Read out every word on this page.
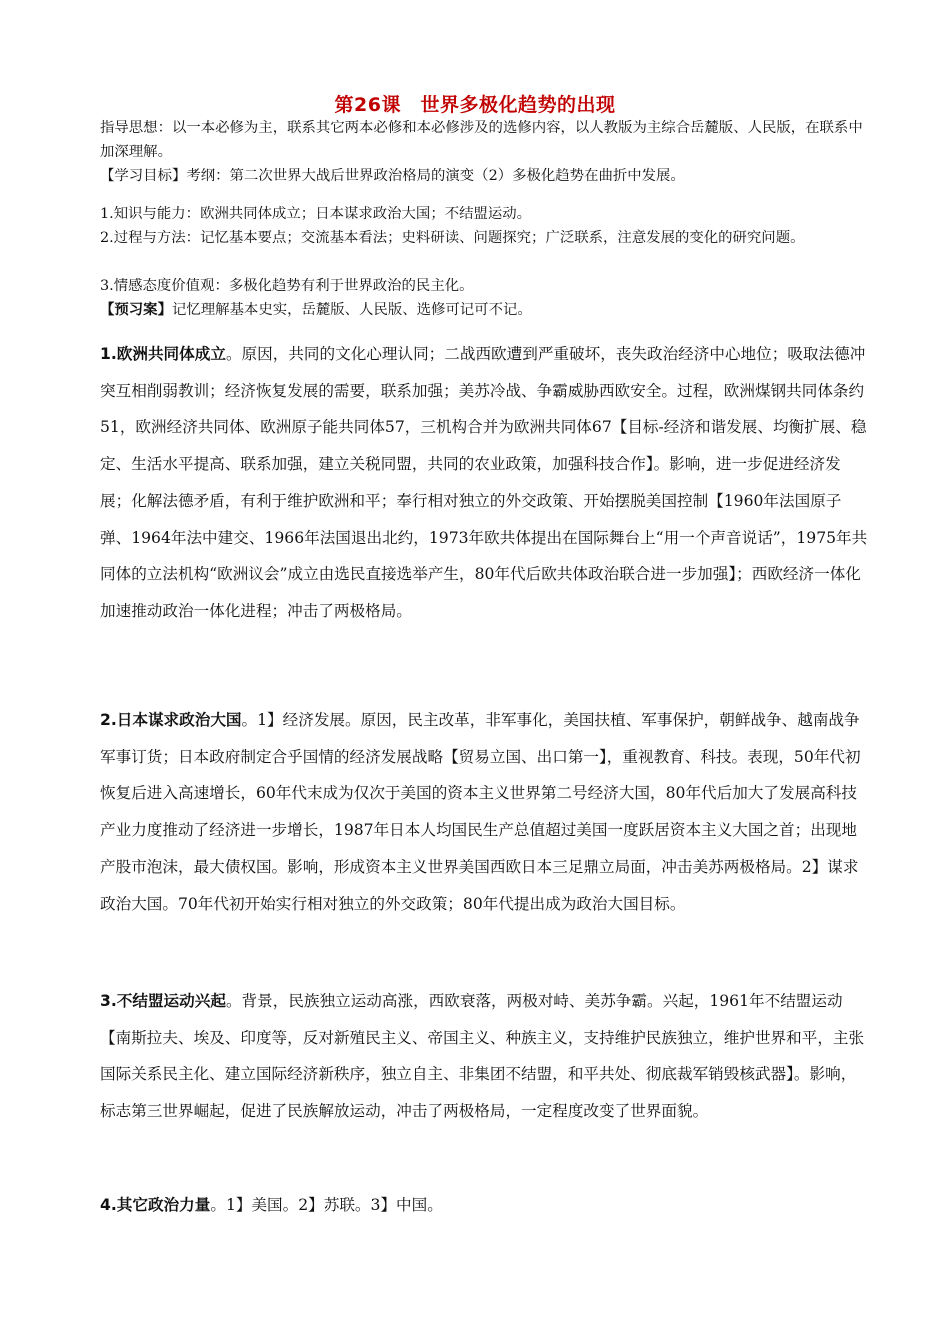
第26课　世界多极化趋势的出现
指导思想：以一本必修为主，联系其它两本必修和本必修涉及的选修内容，以人教版为主综合岳麓版、人民版，在联系中加深理解。
【学习目标】考纲：第二次世界大战后世界政治格局的演变（2）多极化趋势在曲折中发展。
1.知识与能力：欧洲共同体成立；日本谋求政治大国；不结盟运动。
2.过程与方法：记忆基本要点；交流基本看法；史料研读、问题探究；广泛联系，注意发展的变化的研究问题。
3.情感态度价值观：多极化趋势有利于世界政治的民主化。
【预习案】记忆理解基本史实，岳麓版、人民版、选修可记可不记。
1.欧洲共同体成立。原因，共同的文化心理认同；二战西欧遭到严重破坏，丧失政治经济中心地位；吸取法德冲突互相削弱教训；经济恢复发展的需要，联系加强；美苏冷战、争霸威胁西欧安全。过程，欧洲煤钢共同体条约51，欧洲经济共同体、欧洲原子能共同体57，三机构合并为欧洲共同体67【目标-经济和谐发展、均衡扩展、稳定、生活水平提高、联系加强，建立关税同盟，共同的农业政策，加强科技合作】。影响，进一步促进经济发展；化解法德矛盾，有利于维护欧洲和平；奉行相对独立的外交政策、开始摆脱美国控制【1960年法国原子弹、1964年法中建交、1966年法国退出北约，1973年欧共体提出在国际舞台上“用一个声音说话”，1975年共同体的立法机构“欧洲议会”成立由选民直接选举产生，80年代后欧共体政治联合进一步加强】；西欧经济一体化加速推动政治一体化进程；冲击了两极格局。
2.日本谋求政治大国。1】经济发展。原因，民主改革，非军事化，美国扶植、军事保护，朝鲜战争、越南战争军事订货；日本政府制定合乎国情的经济发展战略【贸易立国、出口第一】，重视教育、科技。表现，50年代初恢复后进入高速增长，60年代末成为仅次于美国的资本主义世界第二号经济大国，80年代后加大了发展高科技产业力度推动了经济进一步增长，1987年日本人均国民生产总值超过美国一度跃居资本主义大国之首；出现地产股市泡沫，最大债权国。影响，形成资本主义世界美国西欧日本三足鼎立局面，冲击美苏两极格局。2】谋求政治大国。70年代初开始实行相对独立的外交政策；80年代提出成为政治大国目标。
3.不结盟运动兴起。背景，民族独立运动高涨，西欧衰落，两极对峙、美苏争霸。兴起，1961年不结盟运动【南斯拉夫、埃及、印度等，反对新殖民主义、帝国主义、种族主义，支持维护民族独立，维护世界和平，主张国际关系民主化、建立国际经济新秩序，独立自主、非集团不结盟，和平共处、彻底裁军销毁核武器】。影响，标志第三世界崛起，促进了民族解放运动，冲击了两极格局，一定程度改变了世界面貌。
4.其它政治力量。1】美国。2】苏联。3】中国。
